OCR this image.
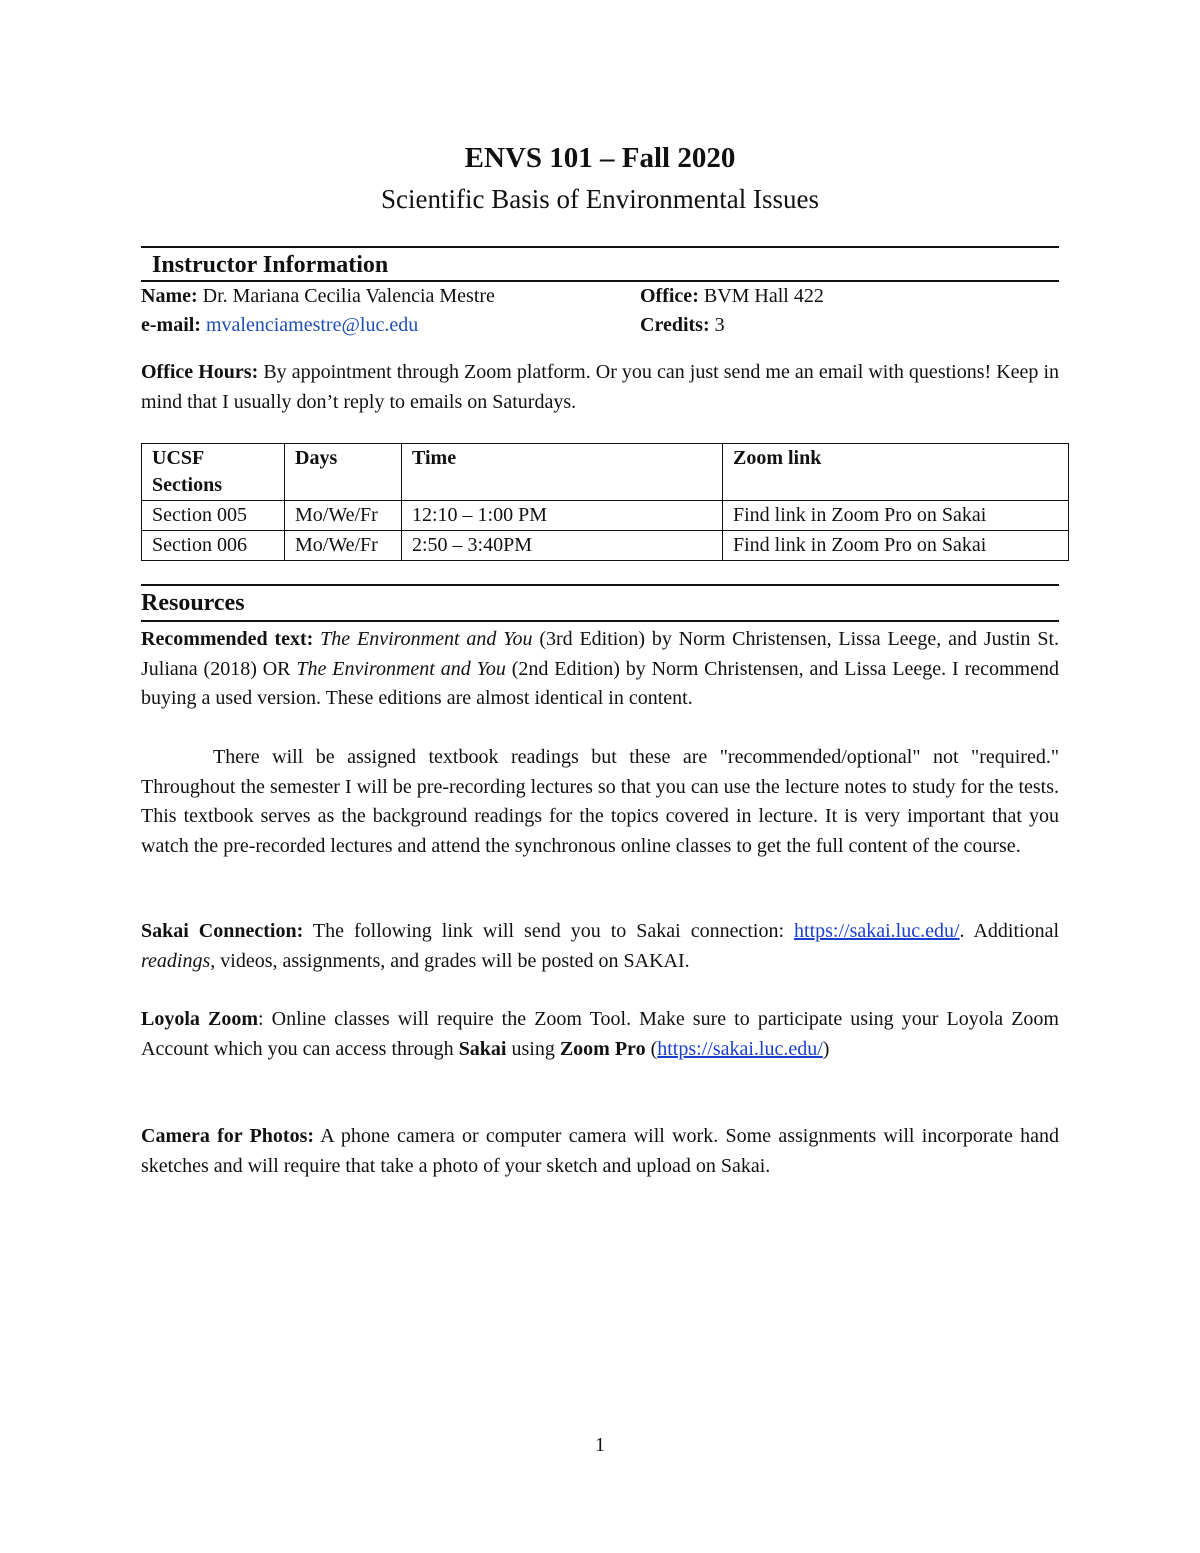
ENVS 101 – Fall 2020
Scientific Basis of Environmental Issues
Instructor Information
Name: Dr. Mariana Cecilia Valencia Mestre	Office: BVM Hall 422
e-mail: mvalenciamestre@luc.edu	Credits: 3
Office Hours: By appointment through Zoom platform. Or you can just send me an email with questions! Keep in mind that I usually don’t reply to emails on Saturdays.
UCSF Sections	Days	Time	Zoom link
Section 005	Mo/We/Fr	12:10 – 1:00 PM	Find link in Zoom Pro on Sakai
Section 006	Mo/We/Fr	2:50 – 3:40PM	Find link in Zoom Pro on Sakai
Resources
Recommended text: The Environment and You (3rd Edition) by Norm Christensen, Lissa Leege, and Justin St. Juliana (2018) OR The Environment and You (2nd Edition) by Norm Christensen, and Lissa Leege. I recommend buying a used version. These editions are almost identical in content.
There will be assigned textbook readings but these are "recommended/optional" not "required." Throughout the semester I will be pre-recording lectures so that you can use the lecture notes to study for the tests. This textbook serves as the background readings for the topics covered in lecture. It is very important that you watch the pre-recorded lectures and attend the synchronous online classes to get the full content of the course.
Sakai Connection: The following link will send you to Sakai connection: https://sakai.luc.edu/. Additional readings, videos, assignments, and grades will be posted on SAKAI.
Loyola Zoom: Online classes will require the Zoom Tool. Make sure to participate using your Loyola Zoom Account which you can access through Sakai using Zoom Pro (https://sakai.luc.edu/)
Camera for Photos: A phone camera or computer camera will work. Some assignments will incorporate hand sketches and will require that take a photo of your sketch and upload on Sakai.
1
